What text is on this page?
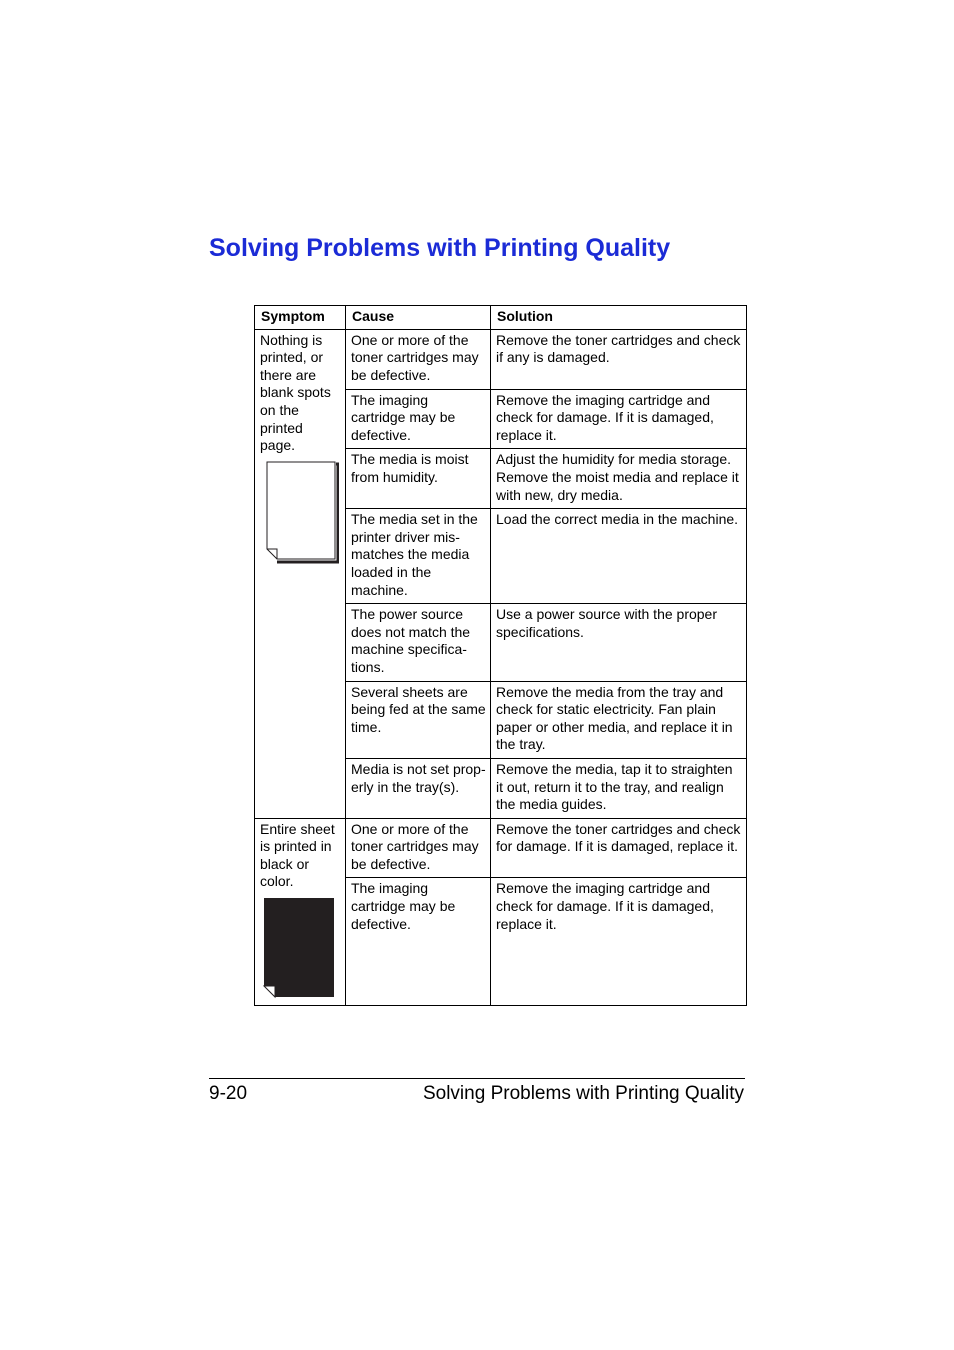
Solving Problems with Printing Quality
Symptom	Cause	Solution

Nothing is printed, or there are blank spots on the printed page.	One or more of the toner cartridges may be defective.	Remove the toner cartridges and check if any is damaged.
	The imaging cartridge may be defective.	Remove the imaging cartridge and check for damage. If it is damaged, replace it.
	The media is moist from humidity.	Adjust the humidity for media storage. Remove the moist media and replace it with new, dry media.
	The media set in the printer driver mis-matches the media loaded in the machine.	Load the correct media in the machine.
	The power source does not match the machine specifica-tions.	Use a power source with the proper specifications.
	Several sheets are being fed at the same time.	Remove the media from the tray and check for static electricity. Fan plain paper or other media, and replace it in the tray.
	Media is not set prop-erly in the tray(s).	Remove the media, tap it to straighten it out, return it to the tray, and realign the media guides.

Entire sheet is printed in black or color.	One or more of the toner cartridges may be defective.	Remove the toner cartridges and check for damage. If it is damaged, replace it.
	The imaging cartridge may be defective.	Remove the imaging cartridge and check for damage. If it is damaged, replace it.
9-20	Solving Problems with Printing Quality
